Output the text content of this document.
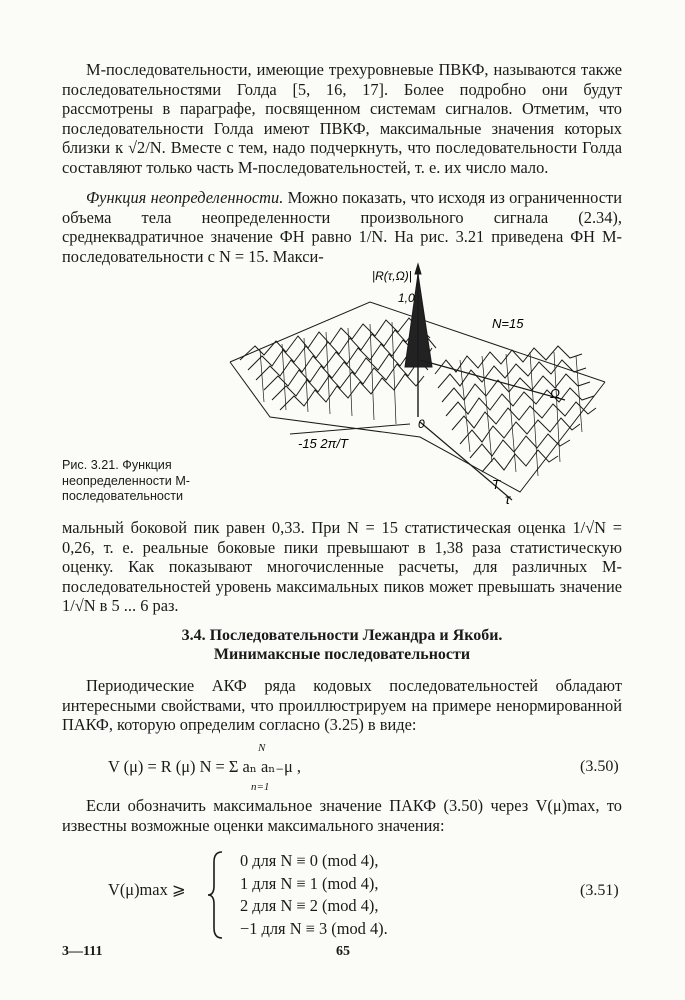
M-последовательности, имеющие трехуровневые ПВКФ, называются также последовательностями Голда [5, 16, 17]. Более подробно они будут рассмотрены в параграфе, посвященном системам сигналов. Отметим, что последовательности Голда имеют ПВКФ, максимальные значения которых близки к √2/N. Вместе с тем, надо подчеркнуть, что последовательности Голда составляют только часть M-последовательностей, т. е. их число мало.

Функция неопределенности. Можно показать, что исходя из ограниченности объема тела неопределенности произвольного сигнала (2.34), среднеквадратичное значение ФН равно 1/N. На рис. 3.21 приведена ФН M-последовательности с N = 15. Макси-

|R(τ,Ω)|
1,0
N=15
Ω
0
-15 2π/T
T
τ

Рис. 3.21. Функция неопределенности M-последовательности

мальный боковой пик равен 0,33. При N = 15 статистическая оценка 1/√N = 0,26, т. е. реальные боковые пики превышают в 1,38 раза статистическую оценку. Как показывают многочисленные расчеты, для различных M-последовательностей уровень максимальных пиков может превышать значение 1/√N в 5 ... 6 раз.

3.4. Последовательности Лежандра и Якоби.
Минимаксные последовательности

Периодические АКФ ряда кодовых последовательностей обладают интересными свойствами, что проиллюстрируем на примере ненормированной ПАКФ, которую определим согласно (3.25) в виде:

V (μ) = R (μ) N = Σ aₙ aₙ₋μ ,
N
n=1
(3.50)

Если обозначить максимальное значение ПАКФ (3.50) через V(μ)max, то известны возможные оценки максимального значения:

V(μ)max ⩾
0 для N ≡ 0 (mod 4),
1 для N ≡ 1 (mod 4),
2 для N ≡ 2 (mod 4),
−1 для N ≡ 3 (mod 4).
(3.51)
3—111	65
